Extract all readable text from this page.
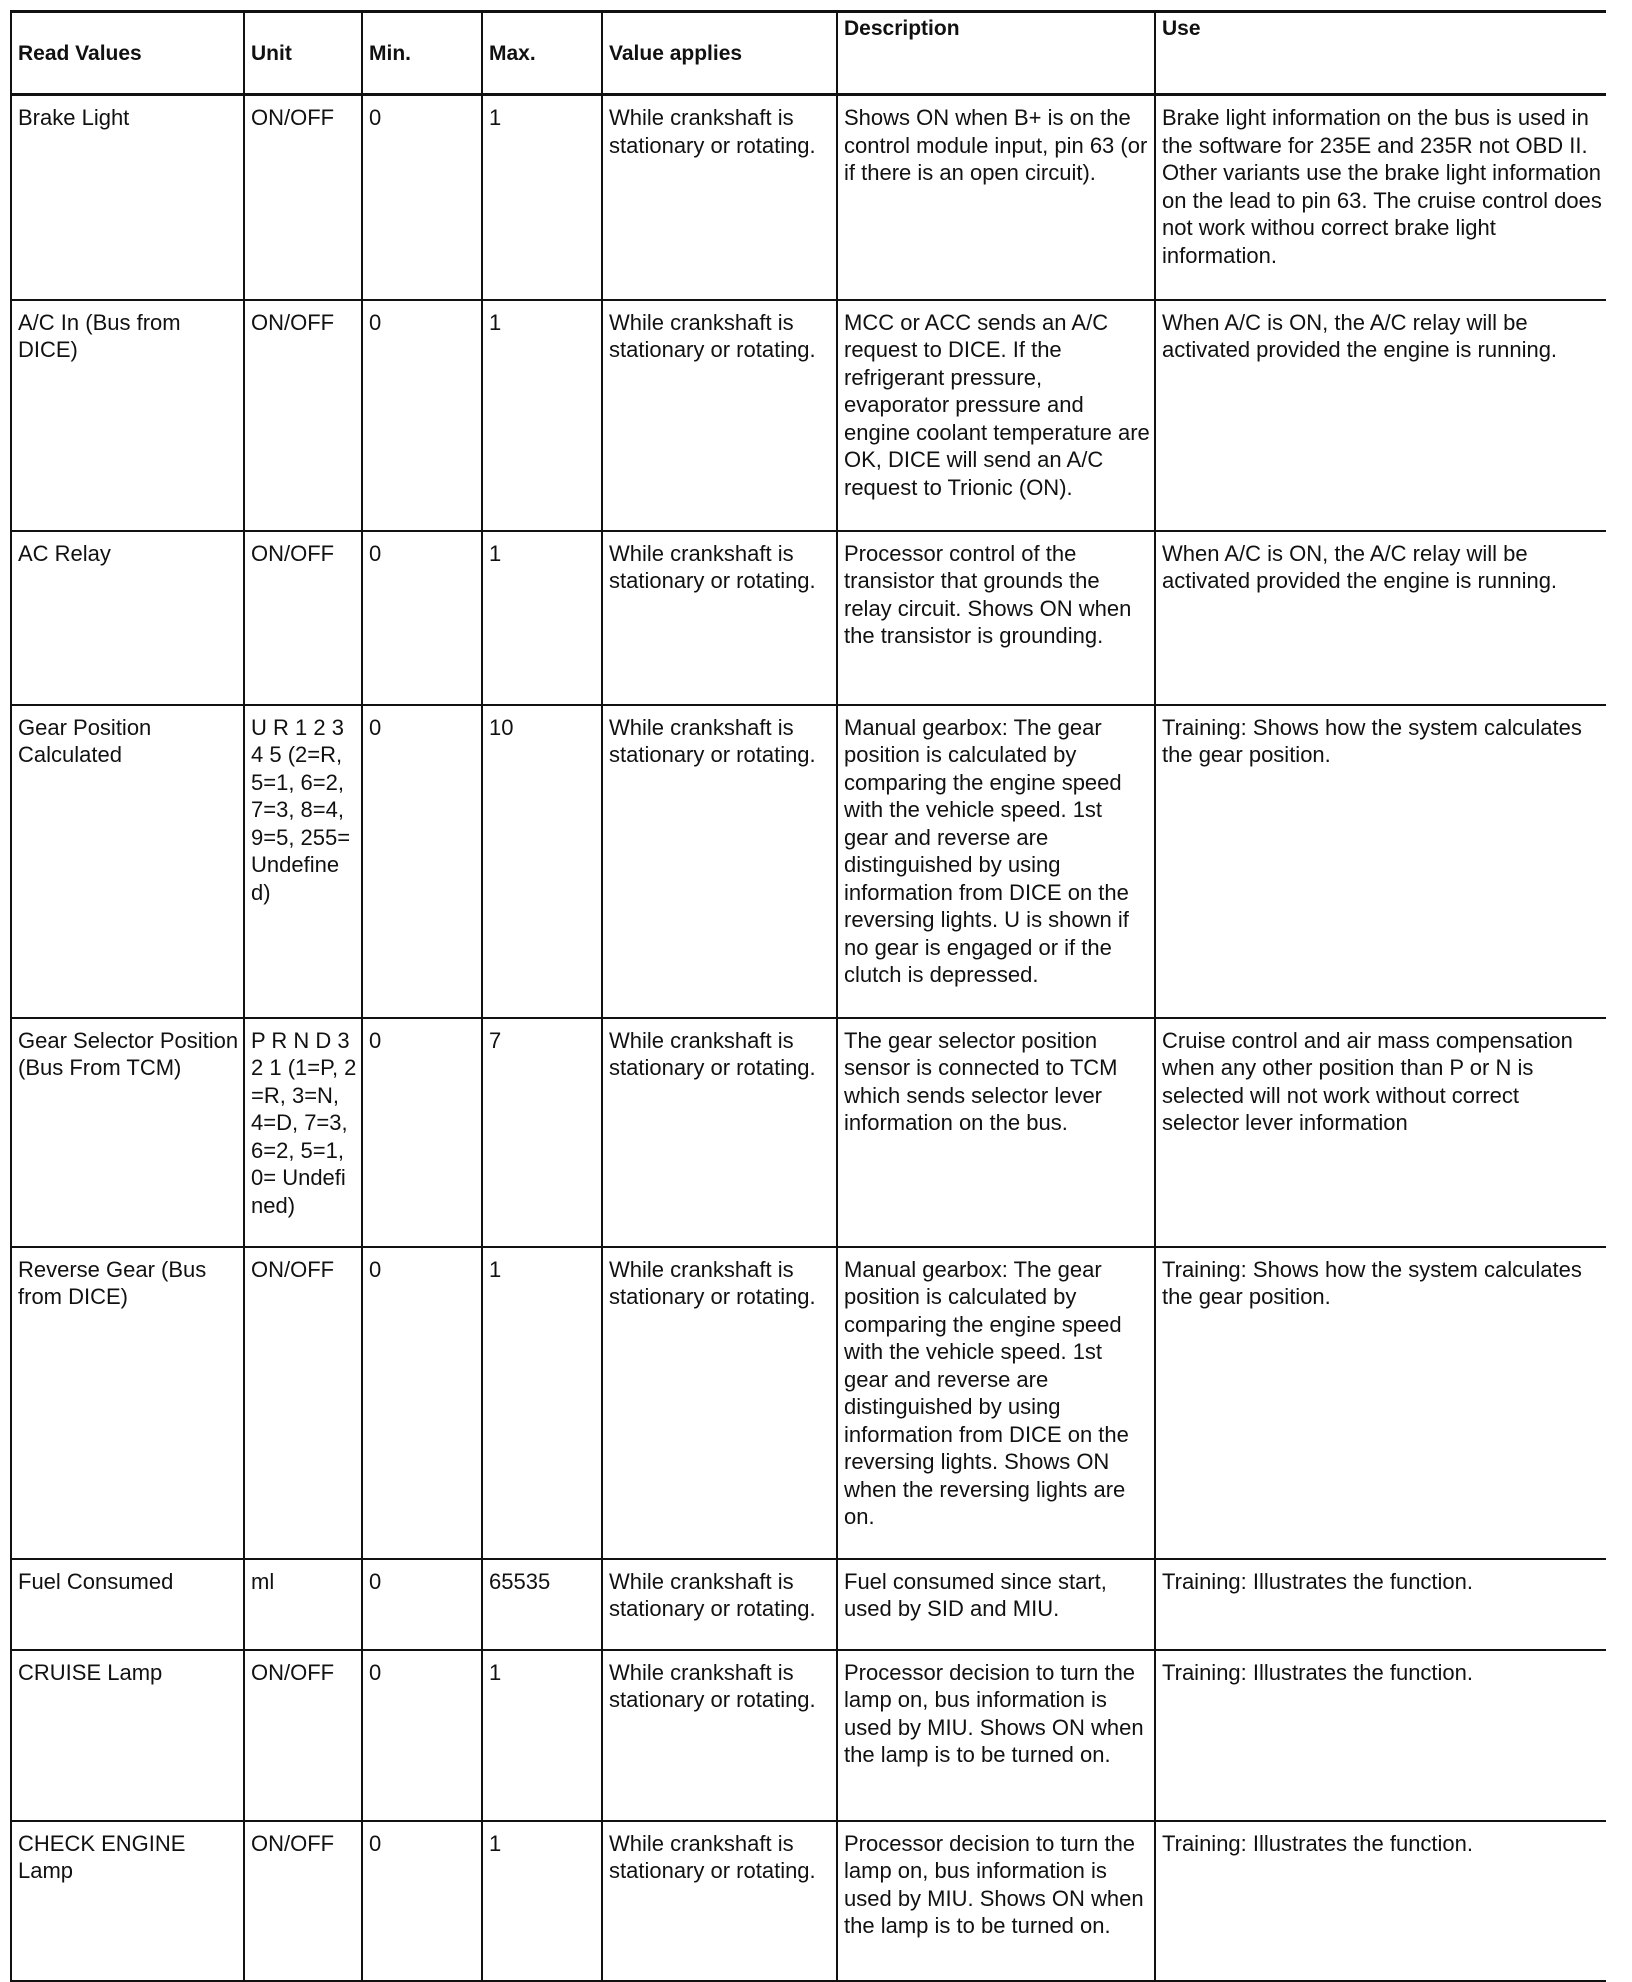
Read Values	Unit	Min.	Max.	Value applies	Description	Use
Brake Light	ON/OFF	0	1	While crankshaft is stationary or rotating.	Shows ON when B+ is on the control module input, pin 63 (or if there is an open circuit).	Brake light information on the bus is used in the software for 235E and 235R not OBD II. Other variants use the brake light information on the lead to pin 63. The cruise control does not work withou correct brake light information.
A/C In (Bus from DICE)	ON/OFF	0	1	While crankshaft is stationary or rotating.	MCC or ACC sends an A/C request to DICE. If the refrigerant pressure, evaporator pressure and engine coolant temperature are OK, DICE will send an A/C request to Trionic (ON).	When A/C is ON, the A/C relay will be activated provided the engine is running.
AC Relay	ON/OFF	0	1	While crankshaft is stationary or rotating.	Processor control of the transistor that grounds the relay circuit. Shows ON when the transistor is grounding.	When A/C is ON, the A/C relay will be activated provided the engine is running.
Gear Position Calculated	U R 1 2 3 4 5 (2=R, 5=1, 6=2, 7=3, 8=4, 9=5, 255= Undefined)	0	10	While crankshaft is stationary or rotating.	Manual gearbox: The gear position is calculated by comparing the engine speed with the vehicle speed. 1st gear and reverse are distinguished by using information from DICE on the reversing lights. U is shown if no gear is engaged or if the clutch is depressed.	Training: Shows how the system calculates the gear position.
Gear Selector Position (Bus From TCM)	P R N D 3 2 1 (1=P, 2=R, 3=N, 4=D, 7=3, 6=2, 5=1, 0= Undefined)	0	7	While crankshaft is stationary or rotating.	The gear selector position sensor is connected to TCM which sends selector lever information on the bus.	Cruise control and air mass compensation when any other position than P or N is selected will not work without correct selector lever information
Reverse Gear (Bus from DICE)	ON/OFF	0	1	While crankshaft is stationary or rotating.	Manual gearbox: The gear position is calculated by comparing the engine speed with the vehicle speed. 1st gear and reverse are distinguished by using information from DICE on the reversing lights. Shows ON when the reversing lights are on.	Training: Shows how the system calculates the gear position.
Fuel Consumed	ml	0	65535	While crankshaft is stationary or rotating.	Fuel consumed since start, used by SID and MIU.	Training: Illustrates the function.
CRUISE Lamp	ON/OFF	0	1	While crankshaft is stationary or rotating.	Processor decision to turn the lamp on, bus information is used by MIU. Shows ON when the lamp is to be turned on.	Training: Illustrates the function.
CHECK ENGINE Lamp	ON/OFF	0	1	While crankshaft is stationary or rotating.	Processor decision to turn the lamp on, bus information is used by MIU. Shows ON when the lamp is to be turned on.	Training: Illustrates the function.
